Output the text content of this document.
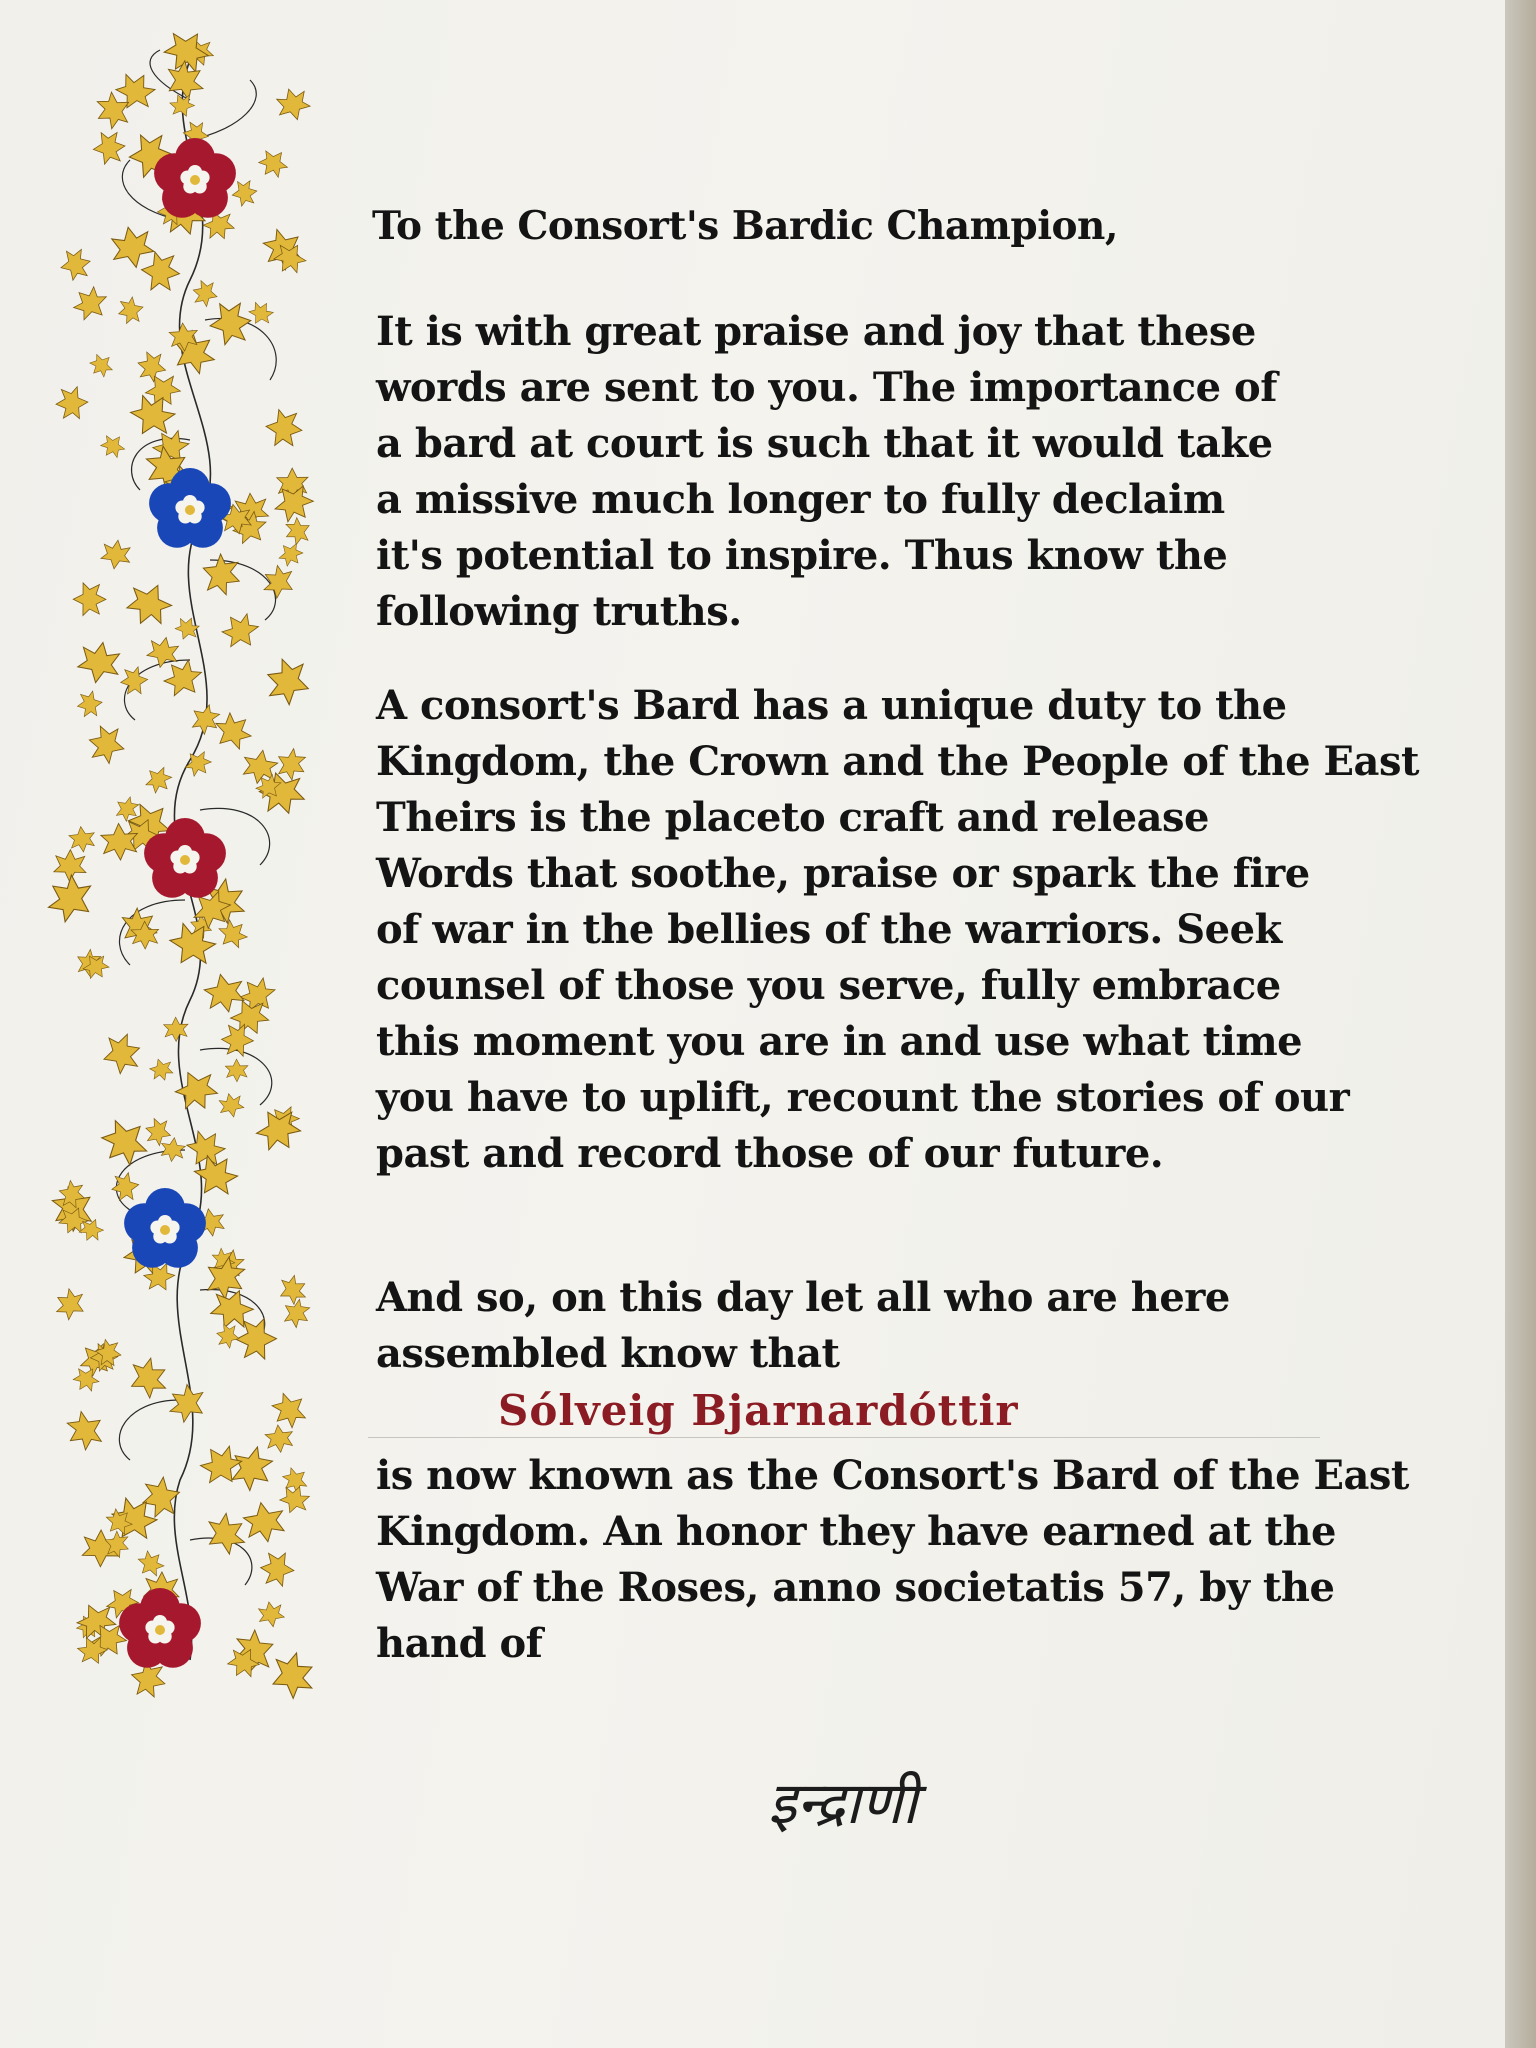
To the Consort's Bardic Champion,

It is with great praise and joy that these
words are sent to you. The importance of
a bard at court is such that it would take
a missive much longer to fully declaim
it's potential to inspire. Thus know the
following truths.

A consort's Bard has a unique duty to the
Kingdom, the Crown and the People of the East
Theirs is the placeto craft and release
Words that soothe, praise or spark the fire
of war in the bellies of the warriors. Seek
counsel of those you serve, fully embrace
this moment you are in and use what time
you have to uplift, recount the stories of our
past and record those of our future.

And so, on this day let all who are here
assembled know that

Sólveig Bjarnardóttir

is now known as the Consort's Bard of the East
Kingdom. An honor they have earned at the
War of the Roses, anno societatis 57, by the
hand of

इन्द्राणी
